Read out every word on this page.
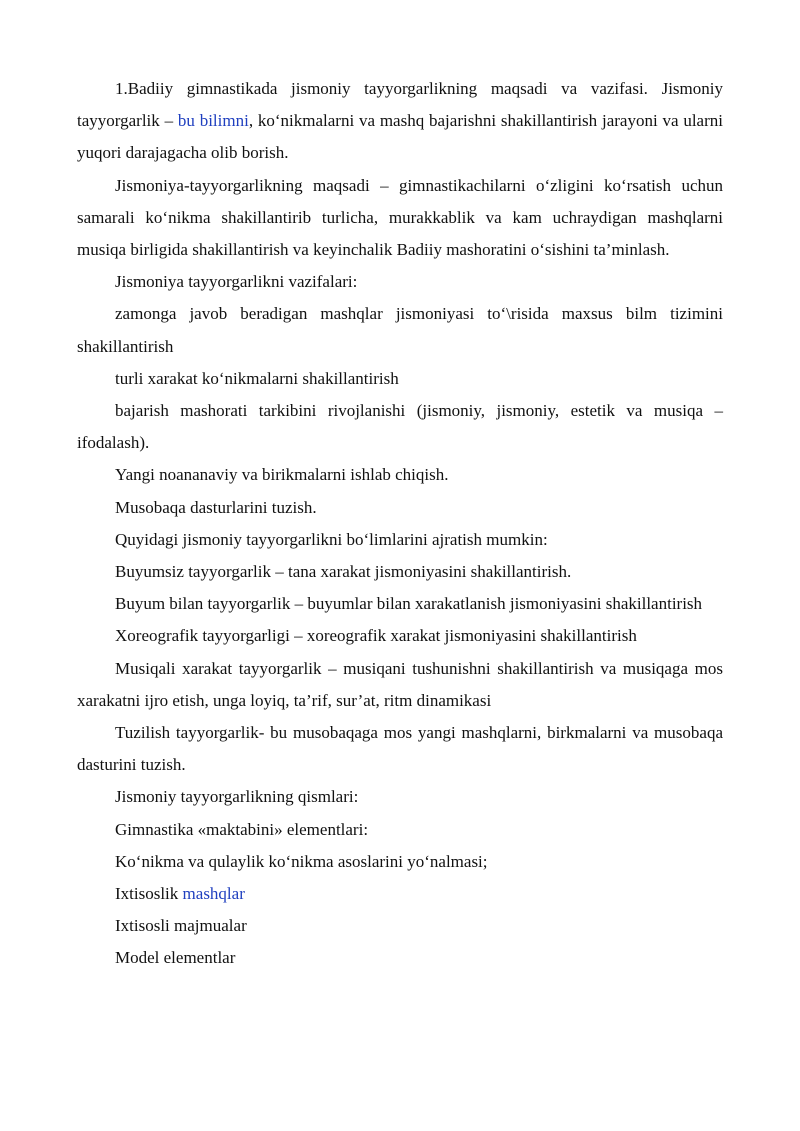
1.Badiiy gimnastikada jismoniy tayyorgarlikning maqsadi va vazifasi. Jismoniy tayyorgarlik – bu bilimni, ko‘nikmalarni va mashq bajarishni shakillantirish jarayoni va ularni yuqori darajagacha olib borish.

Jismoniya-tayyorgarlikning maqsadi – gimnastikachilarni o‘zligini ko‘rsatish uchun samarali ko‘nikma shakillantirib turlicha, murakkablik va kam uchraydigan mashqlarni musiqa birligida shakillantirish va keyinchalik Badiiy mashoratini o‘sishini ta’minlash.

Jismoniya tayyorgarlikni vazifalari:

zamonga javob beradigan mashqlar jismoniyasi to‘\risida maxsus bilm tizimini shakillantirish

turli xarakat ko‘nikmalarni shakillantirish

bajarish mashorati tarkibini rivojlanishi (jismoniy, jismoniy, estetik va musiqa – ifodalash).

Yangi noananaviy va birikmalarni ishlab chiqish.

Musobaqa dasturlarini tuzish.

Quyidagi jismoniy tayyorgarlikni bo‘limlarini ajratish mumkin:

Buyumsiz tayyorgarlik – tana xarakat jismoniyasini shakillantirish.

Buyum bilan tayyorgarlik – buyumlar bilan xarakatlanish jismoniyasini shakillantirish

Xoreografik tayyorgarligi – xoreografik xarakat jismoniyasini shakillantirish

Musiqali xarakat tayyorgarlik – musiqani tushunishni shakillantirish va musiqaga mos xarakatni ijro etish, unga loyiq, ta’rif, sur’at, ritm dinamikasi

Tuzilish tayyorgarlik- bu musobaqaga mos yangi mashqlarni, birkmalarni va musobaqa dasturini tuzish.

Jismoniy tayyorgarlikning qismlari:

Gimnastika «maktabini» elementlari:

Ko‘nikma va qulaylik ko‘nikma asoslarini yo‘nalmasi;

Ixtisoslik mashqlar

Ixtisosli majmualar

Model elementlar
